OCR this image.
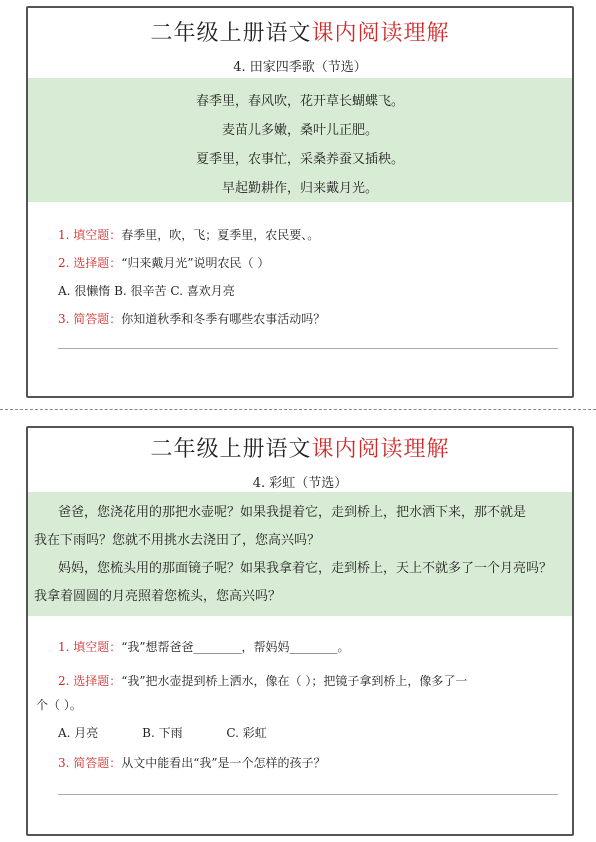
二年级上册语文课内阅读理解
4. 田家四季歌（节选）
春季里，春风吹，花开草长蝴蝶飞。
麦苗儿多嫩，桑叶儿正肥。
夏季里，农事忙，采桑养蚕又插秧。
早起勤耕作，归来戴月光。
1. 填空题：春季里，吹，飞；夏季里，农民要、。
2. 选择题：“归来戴月光”说明农民（ ）
A. 很懒惰 B. 很辛苦 C. 喜欢月亮
3. 简答题：你知道秋季和冬季有哪些农事活动吗？
二年级上册语文课内阅读理解
4. 彩虹（节选）
爸爸，您浇花用的那把水壶呢？如果我提着它，走到桥上，把水洒下来，那不就是
我在下雨吗？您就不用挑水去浇田了，您高兴吗？
妈妈，您梳头用的那面镜子呢？如果我拿着它，走到桥上，天上不就多了一个月亮吗？
我拿着圆圆的月亮照着您梳头，您高兴吗？
1. 填空题：“我”想帮爸爸________，帮妈妈________。
2. 选择题：“我”把水壶提到桥上洒水，像在（ ）；把镜子拿到桥上，像多了一
个（ ）。
A. 月亮	B. 下雨	C. 彩虹
3. 简答题：从文中能看出“我”是一个怎样的孩子？
